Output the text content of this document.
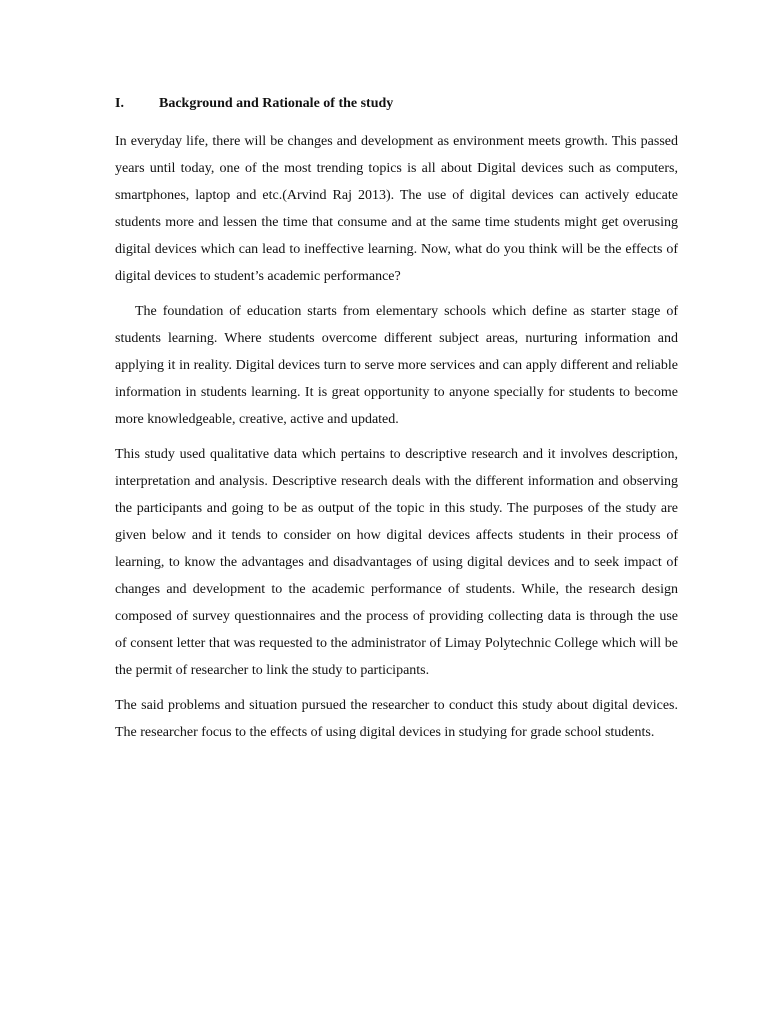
I.	Background and Rationale of the study

In everyday life, there will be changes and development as environment meets growth. This passed years until today, one of the most trending topics is all about Digital devices such as computers, smartphones, laptop and etc.(Arvind Raj 2013). The use of digital devices can actively educate students more and lessen the time that consume and at the same time students might get overusing digital devices which can lead to ineffective learning. Now, what do you think will be the effects of digital devices to student’s academic performance?

The foundation of education starts from elementary schools which define as starter stage of students learning. Where students overcome different subject areas, nurturing information and applying it in reality. Digital devices turn to serve more services and can apply different and reliable information in students learning. It is great opportunity to anyone specially for students to become more knowledgeable, creative, active and updated.

This study used qualitative data which pertains to descriptive research and it involves description, interpretation and analysis. Descriptive research deals with the different information and observing the participants and going to be as output of the topic in this study. The purposes of the study are given below and it tends to consider on how digital devices affects students in their process of learning, to know the advantages and disadvantages of using digital devices and to seek impact of changes and development to the academic performance of students. While, the research design composed of survey questionnaires and the process of providing collecting data is through the use of consent letter that was requested to the administrator of Limay Polytechnic College which will be the permit of researcher to link the study to participants.

The said problems and situation pursued the researcher to conduct this study about digital devices. The researcher focus to the effects of using digital devices in studying for grade school students.
